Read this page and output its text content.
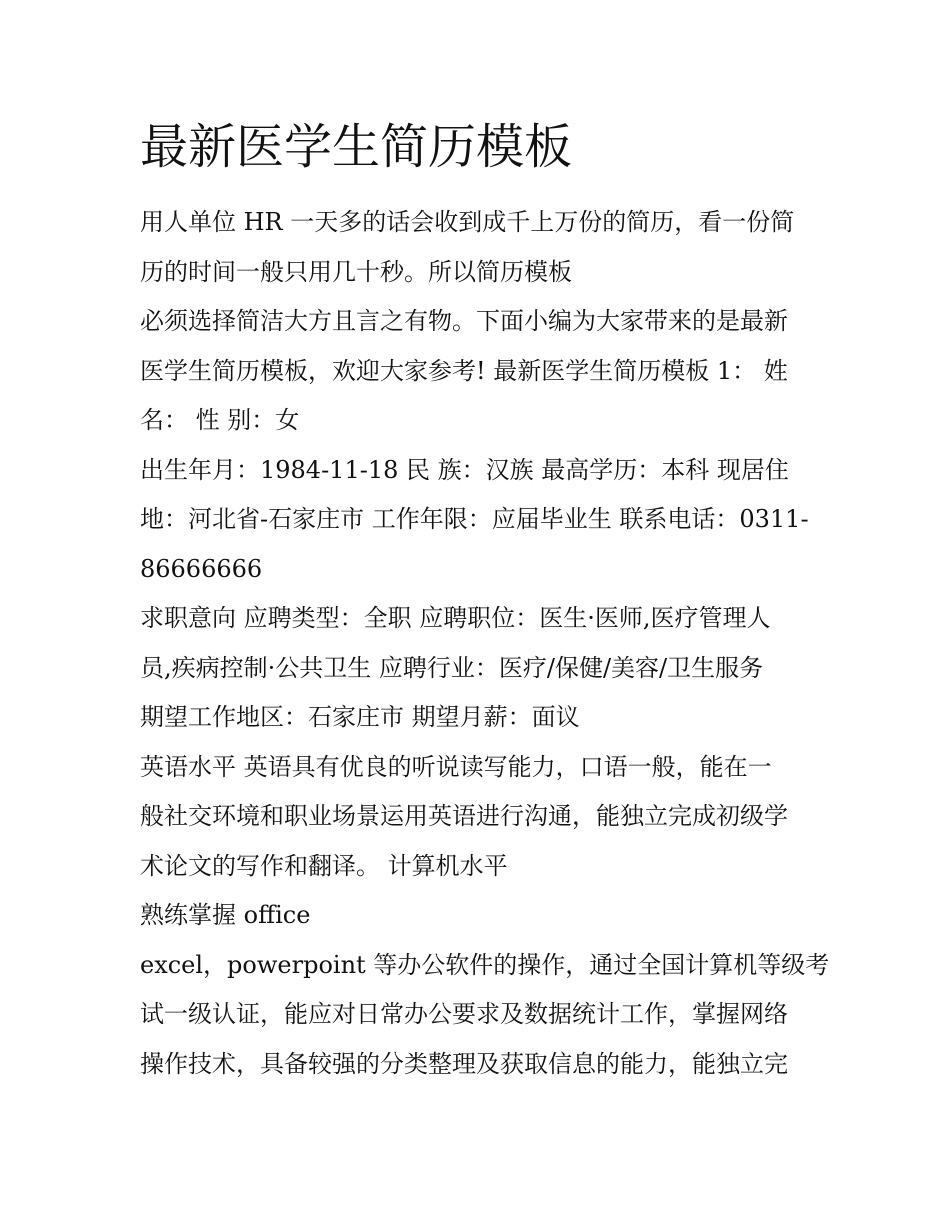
最新医学生简历模板
用人单位 HR 一天多的话会收到成千上万份的简历，看一份简
历的时间一般只用几十秒。所以简历模板
必须选择简洁大方且言之有物。下面小编为大家带来的是最新
医学生简历模板，欢迎大家参考! 最新医学生简历模板 1： 姓
名： 性 别：女
出生年月：1984-11-18 民 族：汉族 最高学历：本科 现居住
地：河北省-石家庄市 工作年限：应届毕业生 联系电话：0311-
86666666
求职意向 应聘类型：全职 应聘职位：医生·医师,医疗管理人
员,疾病控制·公共卫生 应聘行业：医疗/保健/美容/卫生服务
期望工作地区：石家庄市 期望月薪：面议
英语水平 英语具有优良的听说读写能力，口语一般，能在一
般社交环境和职业场景运用英语进行沟通，能独立完成初级学
术论文的写作和翻译。 计算机水平
熟练掌握 office
excel，powerpoint 等办公软件的操作，通过全国计算机等级考
试一级认证，能应对日常办公要求及数据统计工作，掌握网络
操作技术，具备较强的分类整理及获取信息的能力，能独立完
